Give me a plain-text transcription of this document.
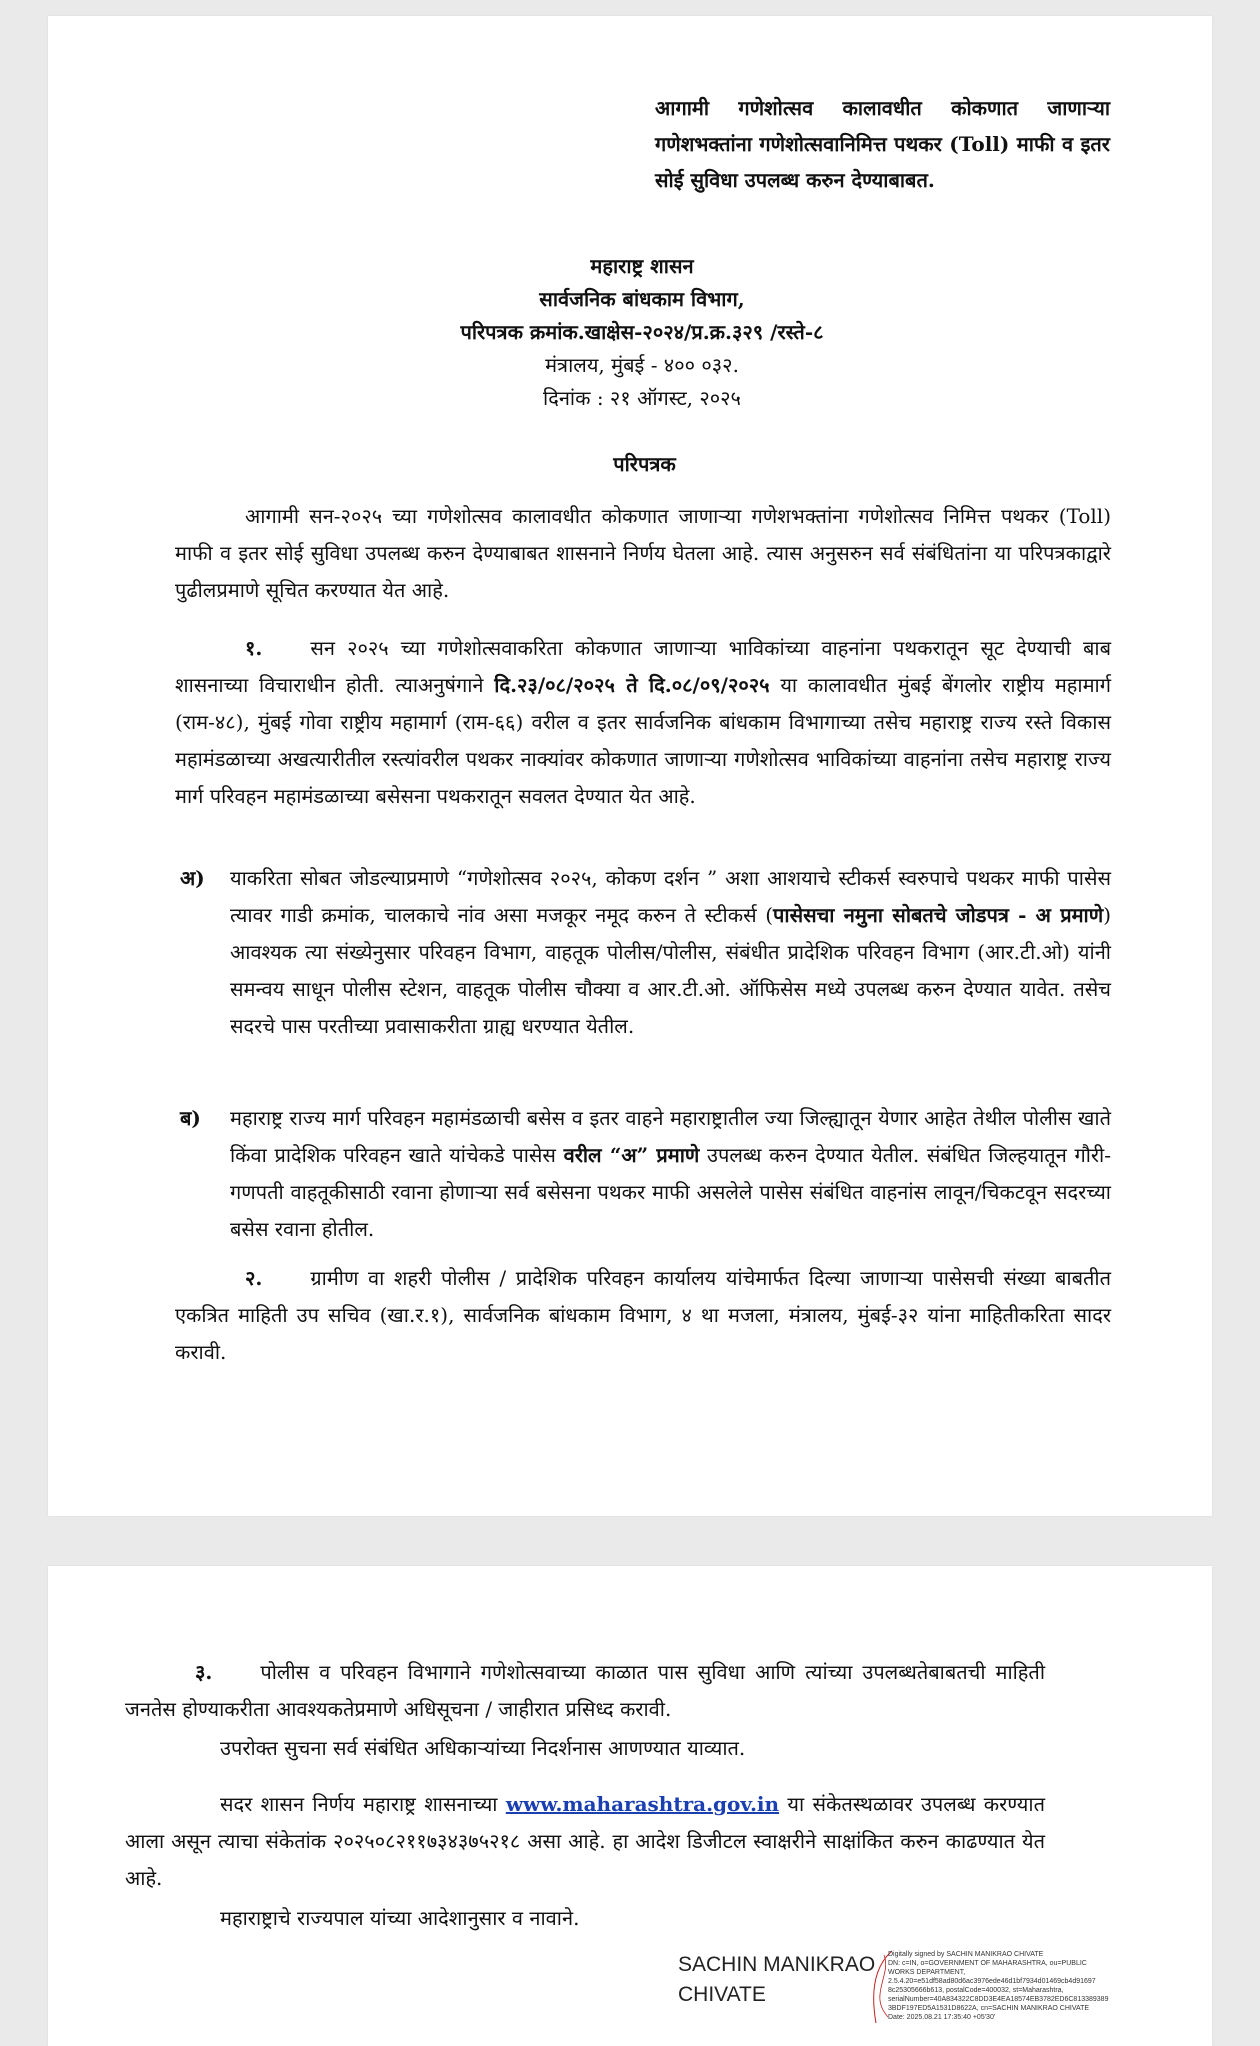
आगामी गणेशोत्सव कालावधीत कोकणात जाणाऱ्या गणेशभक्तांना गणेशोत्सवानिमित्त पथकर (Toll) माफी व इतर सोई सुविधा उपलब्ध करुन देण्याबाबत.
महाराष्ट्र शासन
सार्वजनिक बांधकाम विभाग,
परिपत्रक क्रमांक.खाक्षेस-२०२४/प्र.क्र.३२९ /रस्ते-८
मंत्रालय, मुंबई - ४०० ०३२.
दिनांक : २१ ऑगस्ट, २०२५
परिपत्रक
आगामी सन-२०२५ च्या गणेशोत्सव कालावधीत कोकणात जाणाऱ्या गणेशभक्तांना गणेशोत्सव निमित्त पथकर (Toll) माफी व इतर सोई सुविधा उपलब्ध करुन देण्याबाबत शासनाने निर्णय घेतला आहे. त्यास अनुसरुन सर्व संबंधितांना या परिपत्रकाद्वारे पुढीलप्रमाणे सूचित करण्यात येत आहे.
१. सन २०२५ च्या गणेशोत्सवाकरिता कोकणात जाणाऱ्या भाविकांच्या वाहनांना पथकरातून सूट देण्याची बाब शासनाच्या विचाराधीन होती. त्याअनुषंगाने दि.२३/०८/२०२५ ते दि.०८/०९/२०२५ या कालावधीत मुंबई बेंगलोर राष्ट्रीय महामार्ग (राम-४८), मुंबई गोवा राष्ट्रीय महामार्ग (राम-६६) वरील व इतर सार्वजनिक बांधकाम विभागाच्या तसेच महाराष्ट्र राज्य रस्ते विकास महामंडळाच्या अखत्यारीतील रस्त्यांवरील पथकर नाक्यांवर कोकणात जाणाऱ्या गणेशोत्सव भाविकांच्या वाहनांना तसेच महाराष्ट्र राज्य मार्ग परिवहन महामंडळाच्या बसेसना पथकरातून सवलत देण्यात येत आहे.
अ) याकरिता सोबत जोडल्याप्रमाणे “गणेशोत्सव २०२५, कोकण दर्शन ” अशा आशयाचे स्टीकर्स स्वरुपाचे पथकर माफी पासेस त्यावर गाडी क्रमांक, चालकाचे नांव असा मजकूर नमूद करुन ते स्टीकर्स (पासेसचा नमुना सोबतचे जोडपत्र - अ प्रमाणे) आवश्यक त्या संख्येनुसार परिवहन विभाग, वाहतूक पोलीस/पोलीस, संबंधीत प्रादेशिक परिवहन विभाग (आर.टी.ओ) यांनी समन्वय साधून पोलीस स्टेशन, वाहतूक पोलीस चौक्या व आर.टी.ओ. ऑफिसेस मध्ये उपलब्ध करुन देण्यात यावेत. तसेच सदरचे पास परतीच्या प्रवासाकरीता ग्राह्य धरण्यात येतील.
ब) महाराष्ट्र राज्य मार्ग परिवहन महामंडळाची बसेस व इतर वाहने महाराष्ट्रातील ज्या जिल्ह्यातून येणार आहेत तेथील पोलीस खाते किंवा प्रादेशिक परिवहन खाते यांचेकडे पासेस वरील “अ” प्रमाणे उपलब्ध करुन देण्यात येतील. संबंधित जिल्हयातून गौरी-गणपती वाहतूकीसाठी रवाना होणाऱ्या सर्व बसेसना पथकर माफी असलेले पासेस संबंधित वाहनांस लावून/चिकटवून सदरच्या बसेस रवाना होतील.
२. ग्रामीण वा शहरी पोलीस / प्रादेशिक परिवहन कार्यालय यांचेमार्फत दिल्या जाणाऱ्या पासेसची संख्या बाबतीत एकत्रित माहिती उप सचिव (खा.र.१), सार्वजनिक बांधकाम विभाग, ४ था मजला, मंत्रालय, मुंबई-३२ यांना माहितीकरिता सादर करावी.
३. पोलीस व परिवहन विभागाने गणेशोत्सवाच्या काळात पास सुविधा आणि त्यांच्या उपलब्धतेबाबतची माहिती जनतेस होण्याकरीता आवश्यकतेप्रमाणे अधिसूचना / जाहीरात प्रसिध्द करावी.
उपरोक्त सुचना सर्व संबंधित अधिकाऱ्यांच्या निदर्शनास आणण्यात याव्यात.
सदर शासन निर्णय महाराष्ट्र शासनाच्या www.maharashtra.gov.in या संकेतस्थळावर उपलब्ध करण्यात आला असून त्याचा संकेतांक २०२५०८२११७३४३७५२१८ असा आहे. हा आदेश डिजीटल स्वाक्षरीने साक्षांकित करुन काढण्यात येत आहे.
महाराष्ट्राचे राज्यपाल यांच्या आदेशानुसार व नावाने.
SACHIN MANIKRAO
CHIVATE
Digitally signed by SACHIN MANIKRAO CHIVATE
DN: c=IN, o=GOVERNMENT OF MAHARASHTRA, ou=PUBLIC WORKS DEPARTMENT,
2.5.4.20=e51df58ad80d6ac3976ede46d1bf7934d01469cb4d91697
8c25305666b613, postalCode=400032, st=Maharashtra,
serialNumber=40A834322C8DD3E4EA18574EB3782ED6C813389389
3BDF197ED5A1531D8622A, cn=SACHIN MANIKRAO CHIVATE
Date: 2025.08.21 17:35:40 +05'30'
